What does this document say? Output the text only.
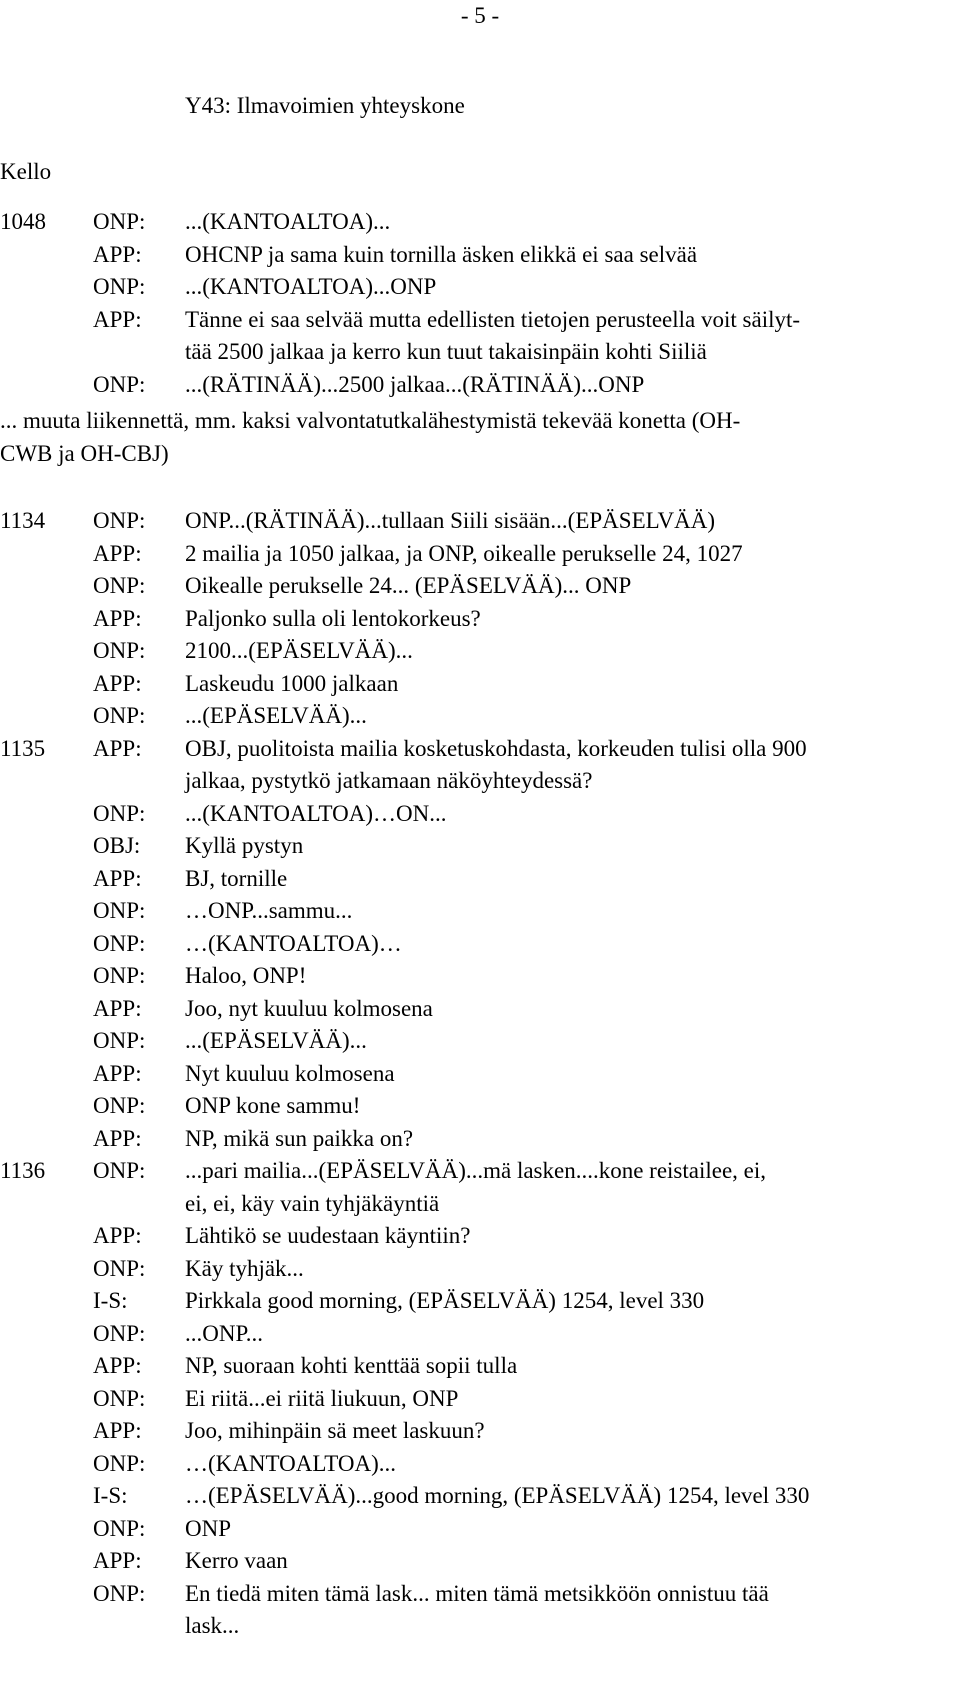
- 5 -
Y43: Ilmavoimien yhteyskone
Kello
1048 ONP: ...(KANTOALTOA)...
APP: OHCNP ja sama kuin tornilla äsken elikkä ei saa selvää
ONP: ...(KANTOALTOA)...ONP
APP: Tänne ei saa selvää mutta edellisten tietojen perusteella voit säilyt-
tää 2500 jalkaa ja kerro kun tuut takaisinpäin kohti Siiliä
ONP: ...(RÄTINÄÄ)...2500 jalkaa...(RÄTINÄÄ)...ONP
... muuta liikennettä, mm. kaksi valvontatutkalähestymistä tekevää konetta (OH-
CWB ja OH-CBJ)
1134 ONP: ONP...(RÄTINÄÄ)...tullaan Siili sisään...(EPÄSELVÄÄ)
APP: 2 mailia ja 1050 jalkaa, ja ONP, oikealle perukselle 24, 1027
ONP: Oikealle perukselle 24... (EPÄSELVÄÄ)... ONP
APP: Paljonko sulla oli lentokorkeus?
ONP: 2100...(EPÄSELVÄÄ)...
APP: Laskeudu 1000 jalkaan
ONP: ...(EPÄSELVÄÄ)...
1135 APP: OBJ, puolitoista mailia kosketuskohdasta, korkeuden tulisi olla 900
jalkaa, pystytkö jatkamaan näköyhteydessä?
ONP: ...(KANTOALTOA)…ON...
OBJ: Kyllä pystyn
APP: BJ, tornille
ONP: …ONP...sammu...
ONP: …(KANTOALTOA)…
ONP: Haloo, ONP!
APP: Joo, nyt kuuluu kolmosena
ONP: ...(EPÄSELVÄÄ)...
APP: Nyt kuuluu kolmosena
ONP: ONP kone sammu!
APP: NP, mikä sun paikka on?
1136 ONP: ...pari mailia...(EPÄSELVÄÄ)...mä lasken....kone reistailee, ei,
ei, ei, käy vain tyhjäkäyntiä
APP: Lähtikö se uudestaan käyntiin?
ONP: Käy tyhjäk...
I-S:	Pirkkala good morning, (EPÄSELVÄÄ) 1254, level 330
ONP: ...ONP...
APP: NP, suoraan kohti kenttää sopii tulla
ONP: Ei riitä...ei riitä liukuun, ONP
APP: Joo, mihinpäin sä meet laskuun?
ONP: …(KANTOALTOA)...
I-S:	…(EPÄSELVÄÄ)...good morning, (EPÄSELVÄÄ) 1254, level 330
ONP: ONP
APP: Kerro vaan
ONP: En tiedä miten tämä lask... miten tämä metsikköön onnistuu tää
lask...
